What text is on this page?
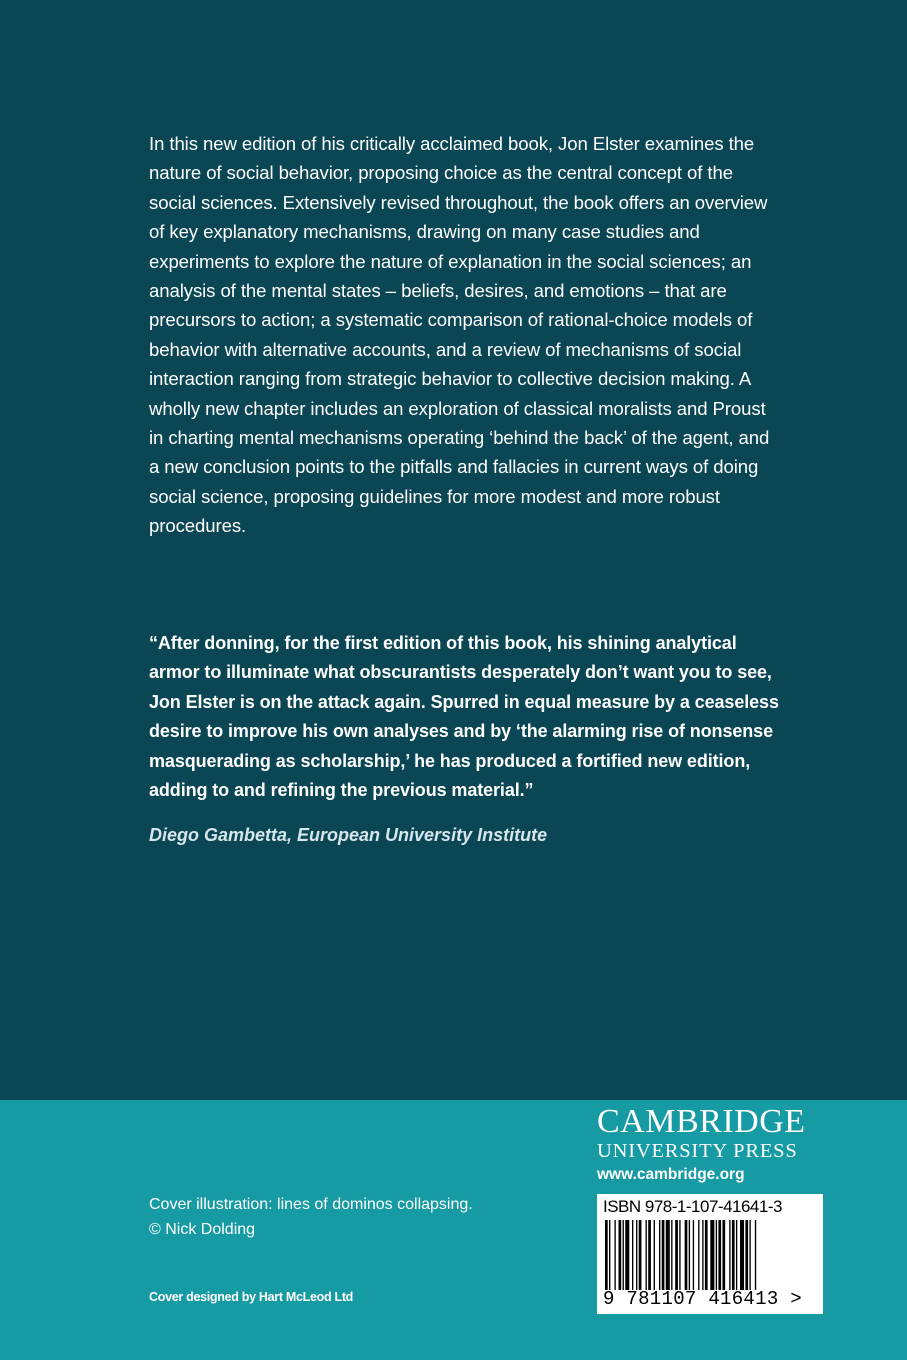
In this new edition of his critically acclaimed book, Jon Elster examines the nature of social behavior, proposing choice as the central concept of the social sciences. Extensively revised throughout, the book offers an overview of key explanatory mechanisms, drawing on many case studies and experiments to explore the nature of explanation in the social sciences; an analysis of the mental states – beliefs, desires, and emotions – that are precursors to action; a systematic comparison of rational-choice models of behavior with alternative accounts, and a review of mechanisms of social interaction ranging from strategic behavior to collective decision making. A wholly new chapter includes an exploration of classical moralists and Proust in charting mental mechanisms operating ‘behind the back’ of the agent, and a new conclusion points to the pitfalls and fallacies in current ways of doing social science, proposing guidelines for more modest and more robust procedures.

“After donning, for the first edition of this book, his shining analytical armor to illuminate what obscurantists desperately don’t want you to see, Jon Elster is on the attack again. Spurred in equal measure by a ceaseless desire to improve his own analyses and by ‘the alarming rise of nonsense masquerading as scholarship,’ he has produced a fortified new edition, adding to and refining the previous material.”

Diego Gambetta, European University Institute

CAMBRIDGE

UNIVERSITY PRESS

www.cambridge.org

Cover illustration: lines of dominos collapsing.
© Nick Dolding

Cover designed by Hart McLeod Ltd

ISBN 978-1-107-41641-3
9 781107 416413 >
